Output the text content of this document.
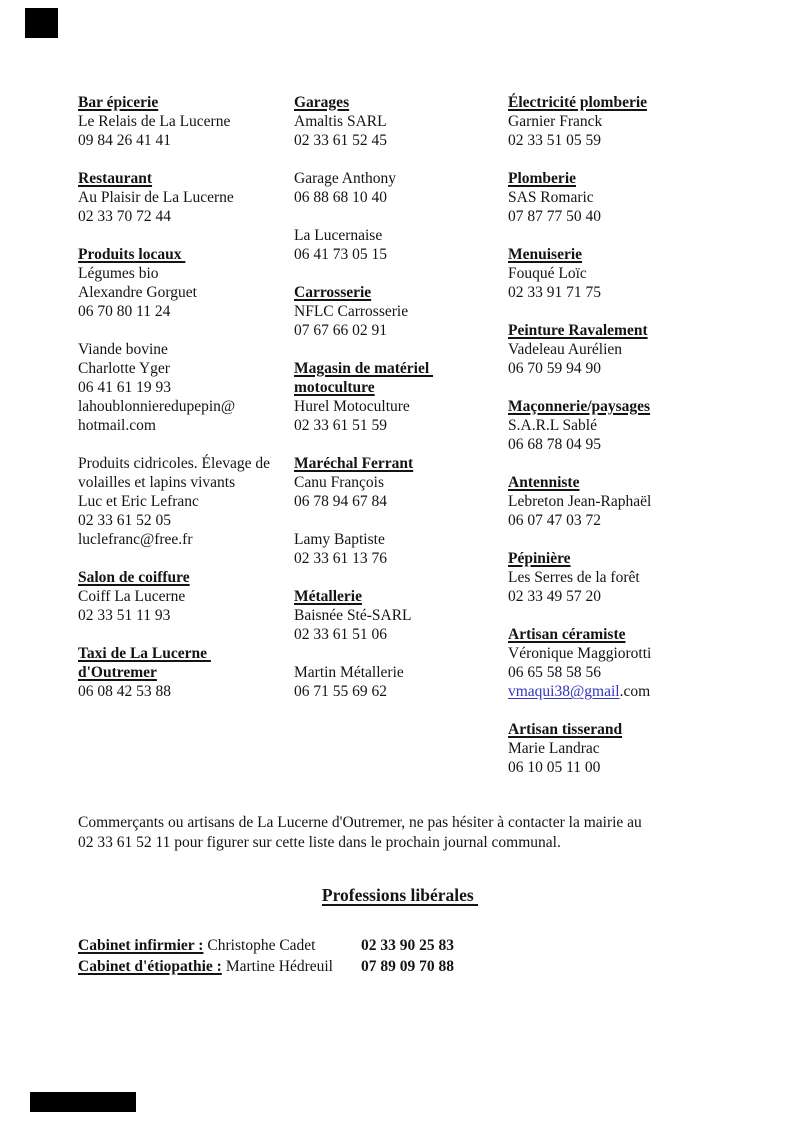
Bar épicerie
Le Relais de La Lucerne
09 84 26 41 41
Restaurant
Au Plaisir de La Lucerne
02 33 70 72 44
Produits locaux
Légumes bio
Alexandre Gorguet
06 70 80 11 24
Viande bovine
Charlotte Yger
06 41 61 19 93
lahoublonnieredupepin@
hotmail.com
Produits cidricoles. Élevage de
volailles et lapins vivants
Luc et Eric Lefranc
02 33 61 52 05
luclefranc@free.fr
Salon de coiffure
Coiff La Lucerne
02 33 51 11 93
Taxi de La Lucerne
d'Outremer
06 08 42 53 88
Garages
Amaltis SARL
02 33 61 52 45
Garage Anthony
06 88 68 10 40
La Lucernaise
06 41 73 05 15
Carrosserie
NFLC Carrosserie
07 67 66 02 91
Magasin de matériel
motoculture
Hurel Motoculture
02 33 61 51 59
Maréchal Ferrant
Canu François
06 78 94 67 84
Lamy Baptiste
02 33 61 13 76
Métallerie
Baisnée Sté-SARL
02 33 61 51 06
Martin Métallerie
06 71 55 69 62
Électricité plomberie
Garnier Franck
02 33 51 05 59
Plomberie
SAS Romaric
07 87 77 50 40
Menuiserie
Fouqué Loïc
02 33 91 71 75
Peinture Ravalement
Vadeleau Aurélien
06 70 59 94 90
Maçonnerie/paysages
S.A.R.L Sablé
06 68 78 04 95
Antenniste
Lebreton Jean-Raphaël
06 07 47 03 72
Pépinière
Les Serres de la forêt
02 33 49 57 20
Artisan céramiste
Véronique Maggiorotti
06 65 58 58 56
vmaqui38@gmail.com
Artisan tisserand
Marie Landrac
06 10 05 11 00
Commerçants ou artisans de La Lucerne d'Outremer, ne pas hésiter à contacter la mairie au
02 33 61 52 11 pour figurer sur cette liste dans le prochain journal communal.
Professions libérales
Cabinet infirmier : Christophe Cadet	02 33 90 25 83
Cabinet d'étiopathie : Martine Hédreuil 07 89 09 70 88
